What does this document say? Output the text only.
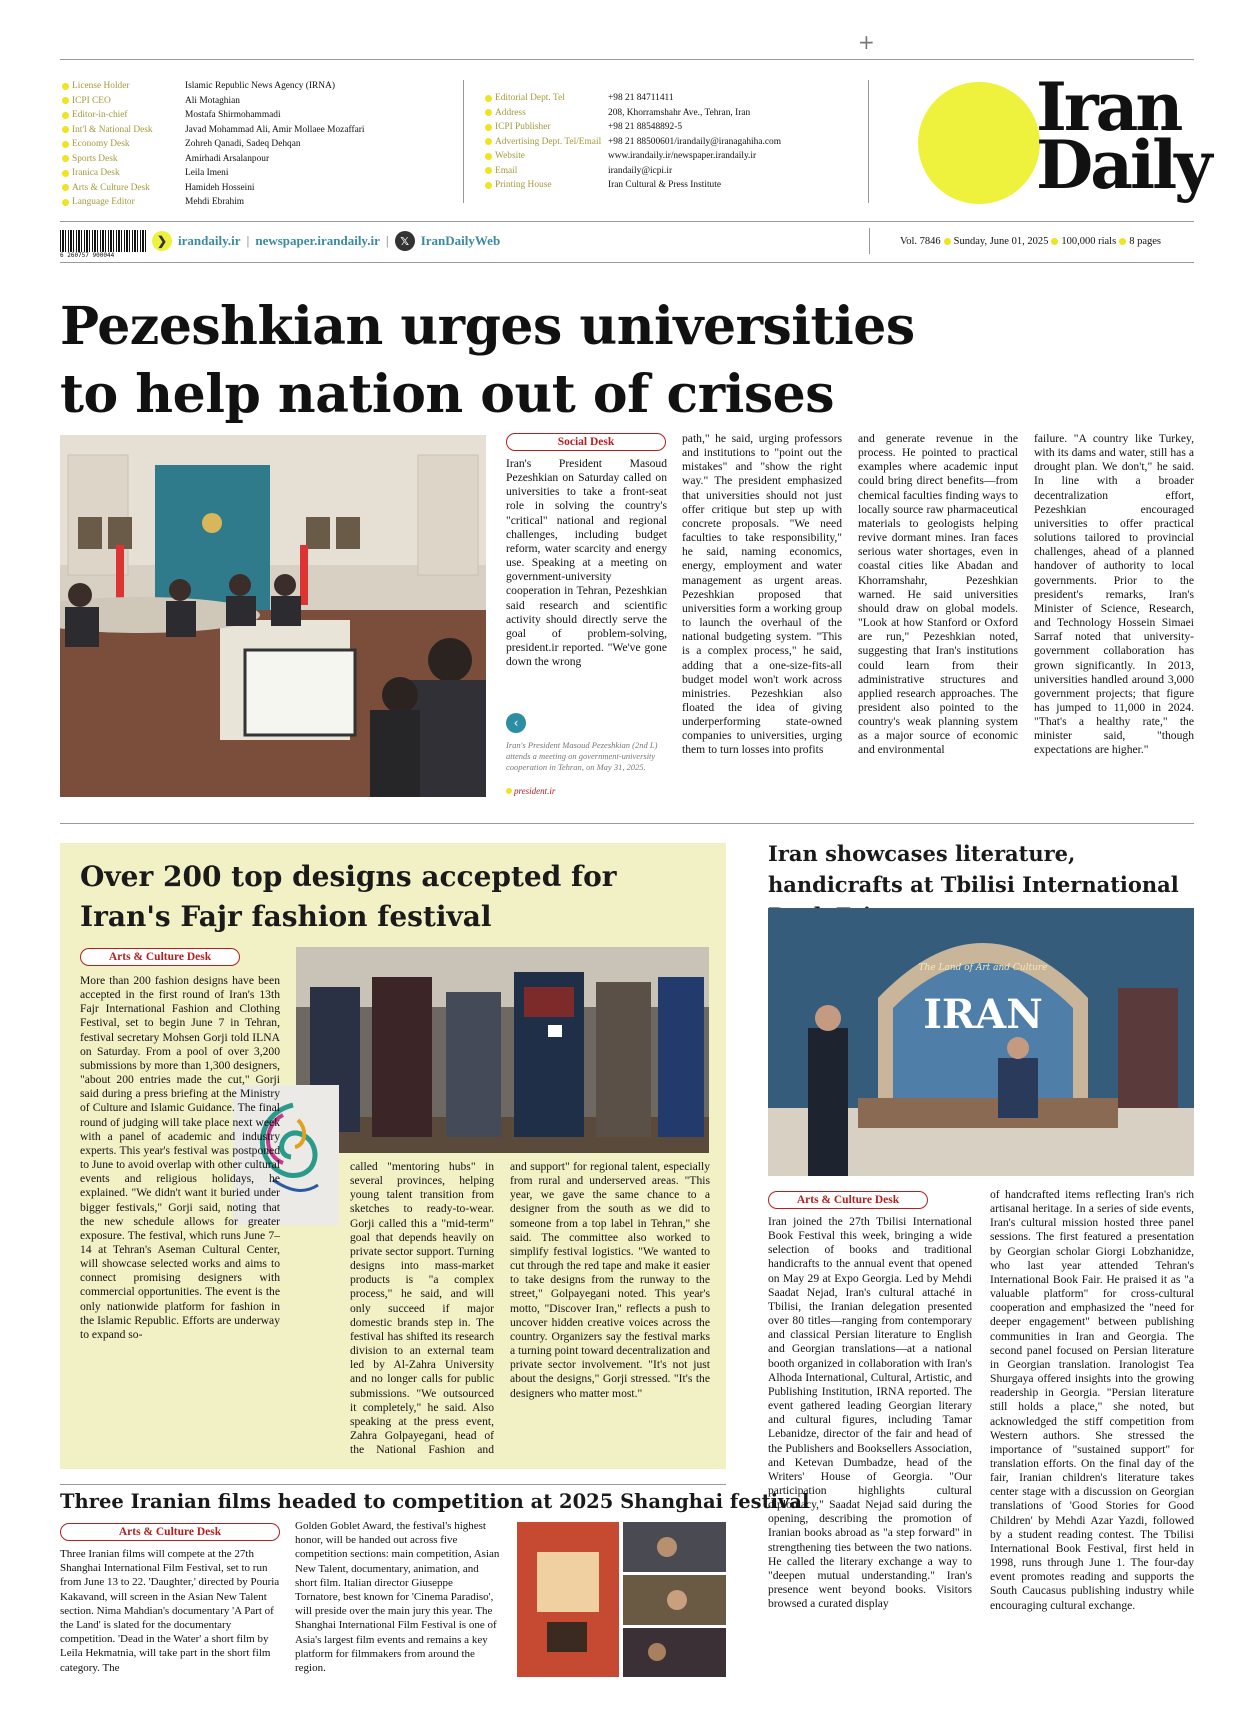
+
License Holder	Islamic Republic News Agency (IRNA)
ICPI CEO	Ali Motaghian
Editor-in-chief	Mostafa Shirmohammadi
Int'l & National Desk	Javad Mohammad Ali, Amir Mollaee Mozaffari
Economy Desk	Zohreh Qanadi, Sadeq Dehqan
Sports Desk	Amirhadi Arsalanpour
Iranica Desk	Leila Imeni
Arts & Culture Desk	Hamideh Hosseini
Language Editor	Mehdi Ebrahim
Editorial Dept. Tel	+98 21 84711411
Address	208, Khorramshahr Ave., Tehran, Iran
ICPI Publisher	+98 21 88548892-5
Advertising Dept. Tel/Email +98 21 88500601/irandaily@iranagahiha.com
Website	www.irandaily.ir/newspaper.irandaily.ir
Email	irandaily@icpi.ir
Printing House	Iran Cultural & Press Institute
Iran
Daily
6 260757 900044
❯ irandaily.ir | newspaper.irandaily.ir |	𝕏 IranDailyWeb	Vol. 7846 Sunday, June 01, 2025 100,000 rials 8 pages
Pezeshkian urges universities to help nation out of crises
Social Desk

Iran's President Masoud Pezeshkian on Saturday called on universities to take a front-seat role in solving the country's "critical" national and regional challenges, including budget reform, water scarcity and energy use. Speaking at a meeting on government-university cooperation in Tehran, Pezeshkian said research and scientific activity should directly serve the goal of problem-solving, president.ir reported. "We've gone down the wrong

‹
Iran's President Masoud Pezeshkian (2nd L) attends a meeting on government-university cooperation in Tehran, on May 31, 2025.
president.ir

path," he said, urging professors and institutions to "point out the mistakes" and "show the right way." The president emphasized that universities should not just offer critique but step up with concrete proposals. "We need faculties to take responsibility," he said, naming economics, energy, employment and water management as urgent areas. Pezeshkian proposed that universities form a working group to launch the overhaul of the national budgeting system. "This is a complex process," he said, adding that a one-size-fits-all budget model won't work across ministries. Pezeshkian also floated the idea of giving underperforming state-owned companies to universities, urging them to turn losses into profits

and generate revenue in the process. He pointed to practical examples where academic input could bring direct benefits—from chemical faculties finding ways to locally source raw pharmaceutical materials to geologists helping revive dormant mines. Iran faces serious water shortages, even in coastal cities like Abadan and Khorramshahr, Pezeshkian warned. He said universities should draw on global models. "Look at how Stanford or Oxford are run," Pezeshkian noted, suggesting that Iran's institutions could learn from their administrative structures and applied research approaches. The president also pointed to the country's weak planning system as a major source of economic and environmental

failure. "A country like Turkey, with its dams and water, still has a drought plan. We don't," he said. In line with a broader decentralization effort, Pezeshkian encouraged universities to offer practical solutions tailored to provincial challenges, ahead of a planned handover of authority to local governments. Prior to the president's remarks, Iran's Minister of Science, Research, and Technology Hossein Simaei Sarraf noted that university-government collaboration has grown significantly. In 2013, universities handled around 3,000 government projects; that figure has jumped to 11,000 in 2024. "That's a healthy rate," the minister said, "though expectations are higher."

Over 200 top designs accepted for Iran's Fajr fashion festival
Arts & Culture Desk

More than 200 fashion designs have been accepted in the first round of Iran's 13th Fajr International Fashion and Clothing Festival, set to begin June 7 in Tehran, festival secretary Mohsen Gorji told ILNA on Saturday. From a pool of over 3,200 submissions by more than 1,300 designers, "about 200 entries made the cut," Gorji said during a press briefing at the Ministry of Culture and Islamic Guidance. The final round of judging will take place next week with a panel of academic and industry experts. This year's festival was postponed to June to avoid overlap with other cultural events and religious holidays, he explained. "We didn't want it buried under bigger festivals," Gorji said, noting that the new schedule allows for greater exposure. The festival, which runs June 7–14 at Tehran's Aseman Cultural Center, will showcase selected works and aims to connect promising designers with commercial opportunities. The event is the only nationwide platform for fashion in the Islamic Republic. Efforts are underway to expand so-

called "mentoring hubs" in several provinces, helping young talent transition from sketches to ready-to-wear. Gorji called this a "mid-term" goal that depends heavily on private sector support. Turning designs into mass-market products is "a complex process," he said, and will only succeed if major domestic brands step in. The festival has shifted its research division to an external team led by Al-Zahra University and no longer calls for public submissions. "We outsourced it completely," he said. Also speaking at the press event, Zahra Golpayegani, head of the National Fashion and

and support" for regional talent, especially from rural and underserved areas. "This year, we gave the same chance to a designer from the south as we did to someone from a top label in Tehran," she said. The committee also worked to simplify festival logistics. "We wanted to cut through the red tape and make it easier to take designs from the runway to the street," Golpayegani noted. This year's motto, "Discover Iran," reflects a push to uncover hidden creative voices across the country. Organizers say the festival marks a turning point toward decentralization and private sector involvement. "It's not just about the designs," Gorji stressed. "It's the designers who matter most."

Three Iranian films headed to competition at 2025 Shanghai festival
Arts & Culture Desk

Three Iranian films will compete at the 27th Shanghai International Film Festival, set to run from June 13 to 22. 'Daughter,' directed by Pouria Kakavand, will screen in the Asian New Talent section. Nima Mahdian's documentary 'A Part of the Land' is slated for the documentary competition. 'Dead in the Water' a short film by Leila Hekmatnia, will take part in the short film category. The

Golden Goblet Award, the festival's highest honor, will be handed out across five competition sections: main competition, Asian New Talent, documentary, animation, and short film. Italian director Giuseppe Tornatore, best known for 'Cinema Paradiso', will preside over the main jury this year. The Shanghai International Film Festival is one of Asia's largest film events and remains a key platform for filmmakers from around the region.

Iran showcases literature, handicrafts at Tbilisi International
IRAN
The Land of Art and Culture
Arts & Culture Desk

Iran joined the 27th Tbilisi International Book Festival this week, bringing a wide selection of books and traditional handicrafts to the annual event that opened on May 29 at Expo Georgia. Led by Mehdi Saadat Nejad, Iran's cultural attaché in Tbilisi, the Iranian delegation presented over 80 titles—ranging from contemporary and classical Persian literature to English and Georgian translations—at a national booth organized in collaboration with Iran's Alhoda International, Cultural, Artistic, and Publishing Institution, IRNA reported. The event gathered leading Georgian literary and cultural figures, including Tamar Lebanidze, director of the fair and head of the Publishers and Booksellers Association, and Ketevan Dumbadze, head of the Writers' House of Georgia. "Our participation highlights cultural diplomacy," Saadat Nejad said during the opening, describing the promotion of Iranian books abroad as "a step forward" in strengthening ties between the two nations. He called the literary exchange a way to "deepen mutual understanding." Iran's presence went beyond books. Visitors browsed a curated display

of handcrafted items reflecting Iran's rich artisanal heritage. In a series of side events, Iran's cultural mission hosted three panel sessions. The first featured a presentation by Georgian scholar Giorgi Lobzhanidze, who last year attended Tehran's International Book Fair. He praised it as "a valuable platform" for cross-cultural cooperation and emphasized the "need for deeper engagement" between publishing communities in Iran and Georgia. The second panel focused on Persian literature in Georgian translation. Iranologist Tea Shurgaya offered insights into the growing readership in Georgia. "Persian literature still holds a place," she noted, but acknowledged the stiff competition from Western authors. She stressed the importance of "sustained support" for translation efforts. On the final day of the fair, Iranian children's literature takes center stage with a discussion on Georgian translations of 'Good Stories for Good Children' by Mehdi Azar Yazdi, followed by a student reading contest. The Tbilisi International Book Festival, first held in 1998, runs through June 1. The four-day event promotes reading and supports the South Caucasus publishing industry while encouraging cultural exchange.
